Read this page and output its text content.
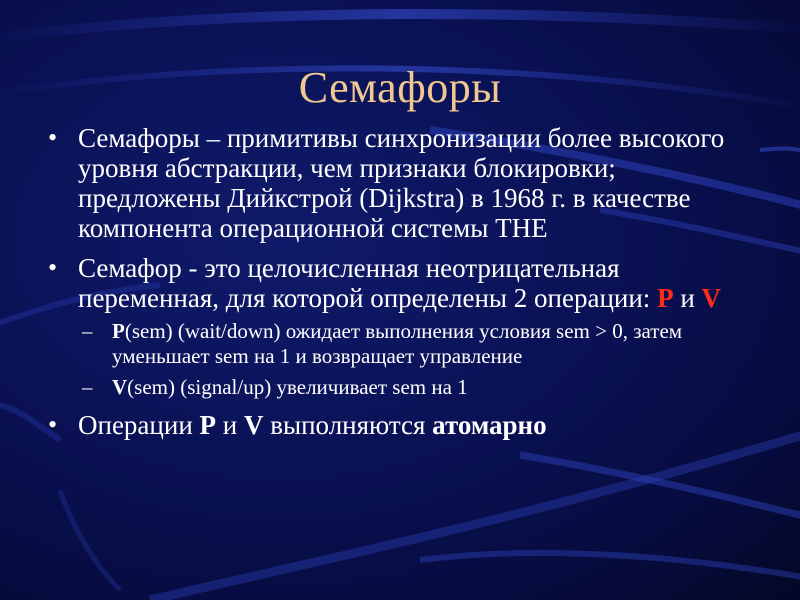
Семафоры
• Семафоры – примитивы синхронизации более высокого уровня абстракции, чем признаки блокировки; предложены Дийкстрой (Dijkstra) в 1968 г. в качестве компонента операционной системы THE
• Семафор - это целочисленная неотрицательная переменная, для которой определены 2 операции: P и V
– P(sem) (wait/down) ожидает выполнения условия sem > 0, затем уменьшает sem на 1 и возвращает управление
– V(sem) (signal/up) увеличивает sem на 1
• Операции P и V выполняются атомарно
